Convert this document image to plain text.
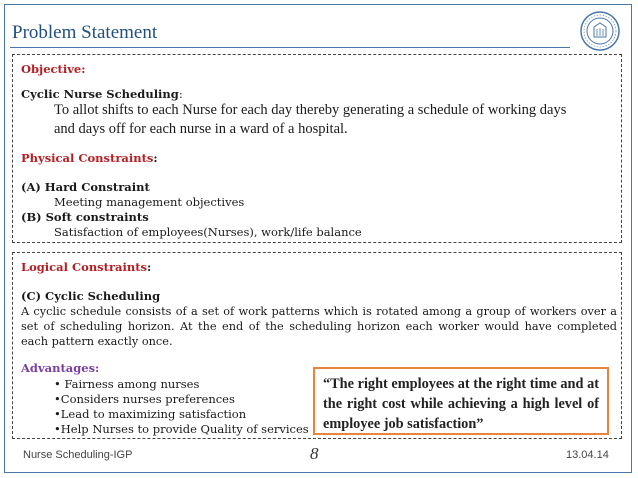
Problem Statement
Objective:
Cyclic Nurse Scheduling:
To allot shifts to each Nurse for each day thereby generating a schedule of working days
and days off for each nurse in a ward of a hospital.
Physical Constraints:
(A) Hard Constraint
Meeting management objectives
(B) Soft constraints
Satisfaction of employees(Nurses), work/life balance
Logical Constraints:
(C) Cyclic Scheduling
A cyclic schedule consists of a set of work patterns which is rotated among a group of workers over a set of scheduling horizon. At the end of the scheduling horizon each worker would have completed each pattern exactly once.
Advantages:
• Fairness among nurses
•Considers nurses preferences
•Lead to maximizing satisfaction
•Help Nurses to provide Quality of services
“The right employees at the right time and at the right cost while achieving a high level of employee job satisfaction”
Nurse Scheduling-IGP	8	13.04.14
